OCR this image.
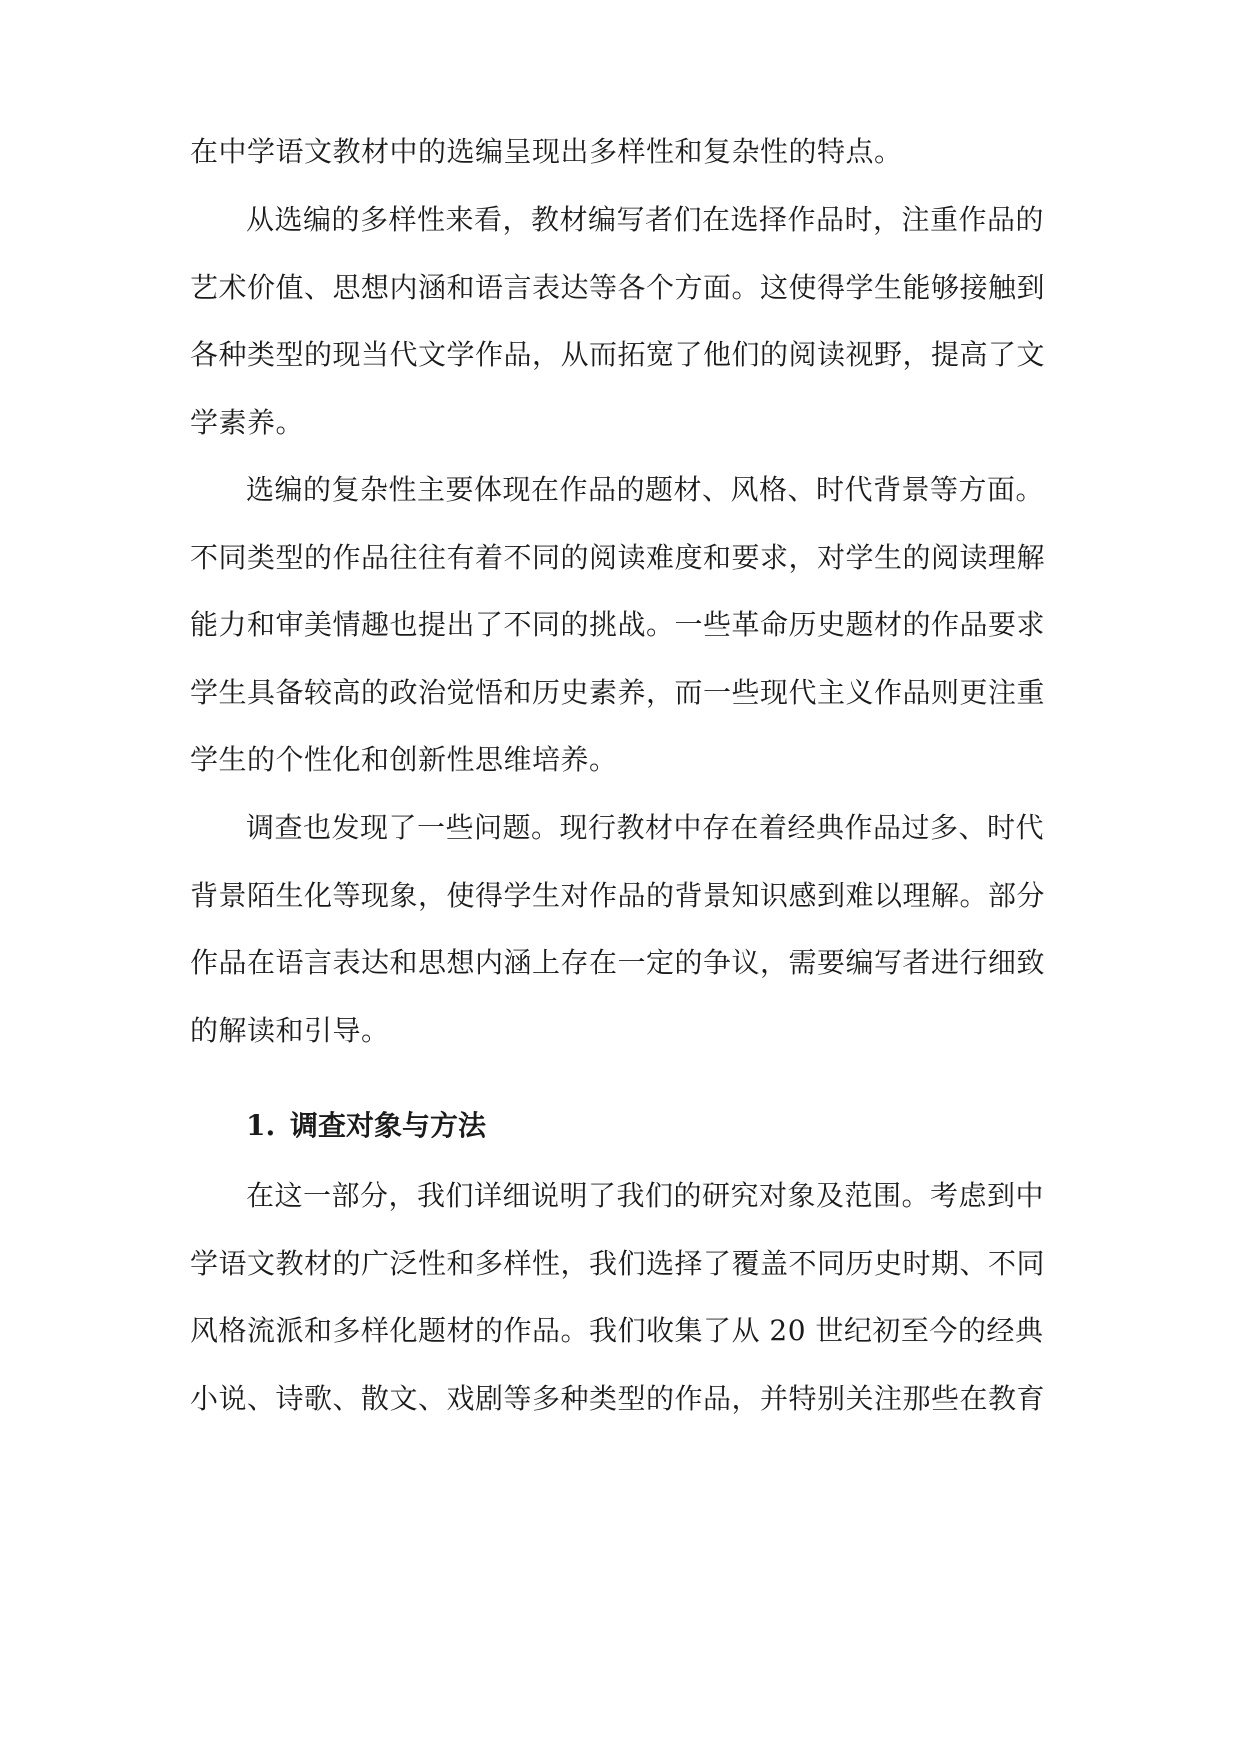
在中学语文教材中的选编呈现出多样性和复杂性的特点。
从选编的多样性来看，教材编写者们在选择作品时，注重作品的
艺术价值、思想内涵和语言表达等各个方面。这使得学生能够接触到
各种类型的现当代文学作品，从而拓宽了他们的阅读视野，提高了文
学素养。
选编的复杂性主要体现在作品的题材、风格、时代背景等方面。
不同类型的作品往往有着不同的阅读难度和要求，对学生的阅读理解
能力和审美情趣也提出了不同的挑战。一些革命历史题材的作品要求
学生具备较高的政治觉悟和历史素养，而一些现代主义作品则更注重
学生的个性化和创新性思维培养。
调查也发现了一些问题。现行教材中存在着经典作品过多、时代
背景陌生化等现象，使得学生对作品的背景知识感到难以理解。部分
作品在语言表达和思想内涵上存在一定的争议，需要编写者进行细致
的解读和引导。
1. 调查对象与方法
在这一部分，我们详细说明了我们的研究对象及范围。考虑到中
学语文教材的广泛性和多样性，我们选择了覆盖不同历史时期、不同
风格流派和多样化题材的作品。我们收集了从 20 世纪初至今的经典
小说、诗歌、散文、戏剧等多种类型的作品，并特别关注那些在教育
